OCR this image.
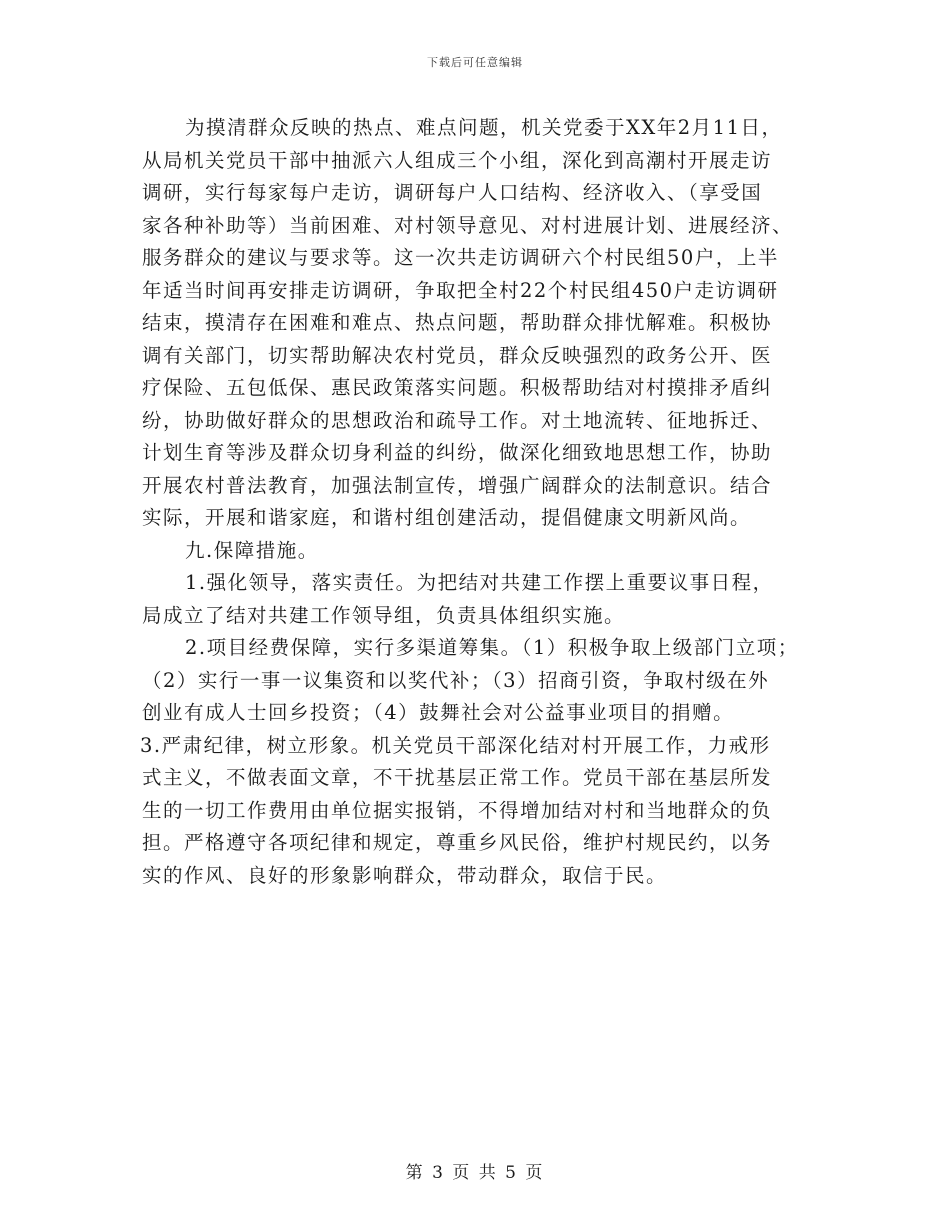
下载后可任意编辑
为摸清群众反映的热点、难点问题，机关党委于XX年2月11日，
从局机关党员干部中抽派六人组成三个小组，深化到高潮村开展走访
调研，实行每家每户走访，调研每户人口结构、经济收入、（享受国
家各种补助等）当前困难、对村领导意见、对村进展计划、进展经济、
服务群众的建议与要求等。这一次共走访调研六个村民组50户，上半
年适当时间再安排走访调研，争取把全村22个村民组450户走访调研
结束，摸清存在困难和难点、热点问题，帮助群众排忧解难。积极协
调有关部门，切实帮助解决农村党员，群众反映强烈的政务公开、医
疗保险、五包低保、惠民政策落实问题。积极帮助结对村摸排矛盾纠
纷，协助做好群众的思想政治和疏导工作。对土地流转、征地拆迁、
计划生育等涉及群众切身利益的纠纷，做深化细致地思想工作，协助
开展农村普法教育，加强法制宣传，增强广阔群众的法制意识。结合
实际，开展和谐家庭，和谐村组创建活动，提倡健康文明新风尚。
九.保障措施。
1.强化领导，落实责任。为把结对共建工作摆上重要议事日程，
局成立了结对共建工作领导组，负责具体组织实施。
2.项目经费保障，实行多渠道筹集。（1）积极争取上级部门立项；
（2）实行一事一议集资和以奖代补；（3）招商引资，争取村级在外
创业有成人士回乡投资；（4）鼓舞社会对公益事业项目的捐赠。
3.严肃纪律，树立形象。机关党员干部深化结对村开展工作，力戒形
式主义，不做表面文章，不干扰基层正常工作。党员干部在基层所发
生的一切工作费用由单位据实报销，不得增加结对村和当地群众的负
担。严格遵守各项纪律和规定，尊重乡风民俗，维护村规民约，以务
实的作风、良好的形象影响群众，带动群众，取信于民。
第 3 页 共 5 页
